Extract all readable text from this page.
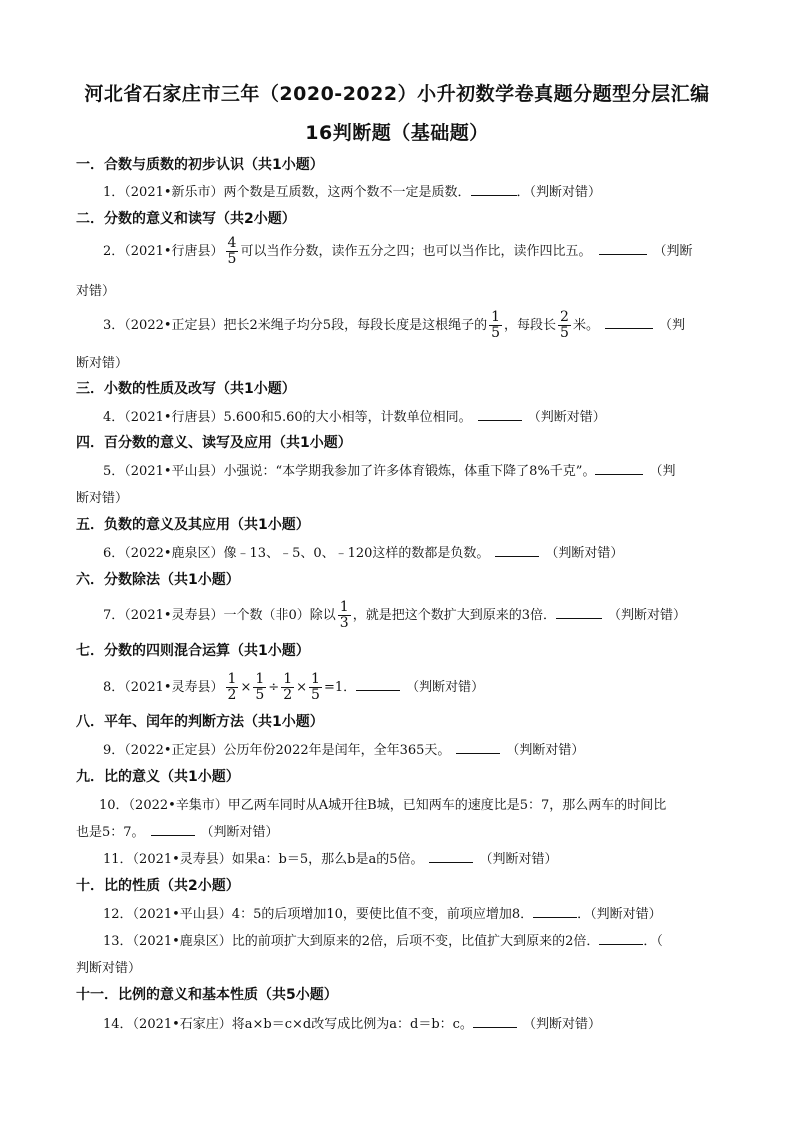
河北省石家庄市三年（2020-2022）小升初数学卷真题分题型分层汇编
16判断题（基础题）
一．合数与质数的初步认识（共1小题）
1．（2021•新乐市）两个数是互质数，这两个数不一定是质数．	．（判断对错）
二．分数的意义和读写（共2小题）
2．（2021•行唐县） $\frac{4}{5}$ 可以当作分数，读作五分之四；也可以当作比，读作四比五。	（判断
对错）
3．（2022•正定县）把长2米绳子均分5段，每段长度是这根绳子的 $\frac{1}{5}$ ，每段长 $\frac{2}{5}$ 米。	（判
断对错）
三．小数的性质及改写（共1小题）
4．（2021•行唐县）5.600和5.60的大小相等，计数单位相同。	（判断对错）
四．百分数的意义、读写及应用（共1小题）
5．（2021•平山县）小强说：“本学期我参加了许多体育锻炼，体重下降了8%千克”。	（判
断对错）
五．负数的意义及其应用（共1小题）
6．（2022•鹿泉区）像﹣13、﹣5、0、﹣120这样的数都是负数。	（判断对错）
六．分数除法（共1小题）
7．（2021•灵寿县）一个数（非0）除以 $\frac{1}{3}$ ，就是把这个数扩大到原来的3倍．	（判断对错）
七．分数的四则混合运算（共1小题）
8．（2021•灵寿县） $\frac{1}{2} \times \frac{1}{5} \div \frac{1}{2} \times \frac{1}{5} =1$．	（判断对错）
八．平年、闰年的判断方法（共1小题）
9．（2022•正定县）公历年份2022年是闰年，全年365天。	（判断对错）
九．比的意义（共1小题）
10．（2022•辛集市）甲乙两车同时从A城开往B城，已知两车的速度比是5：7，那么两车的时间比
也是5：7。	（判断对错）
11．（2021•灵寿县）如果a：b＝5，那么b是a的5倍。	（判断对错）
十．比的性质（共2小题）
12．（2021•平山县）4：5的后项增加10，要使比值不变，前项应增加8．	．（判断对错）
13．（2021•鹿泉区）比的前项扩大到原来的2倍，后项不变，比值扩大到原来的2倍．	．（
判断对错）
十一．比例的意义和基本性质（共5小题）
14．（2021•石家庄）将a×b＝c×d改写成比例为a：d＝b：c。	（判断对错）
